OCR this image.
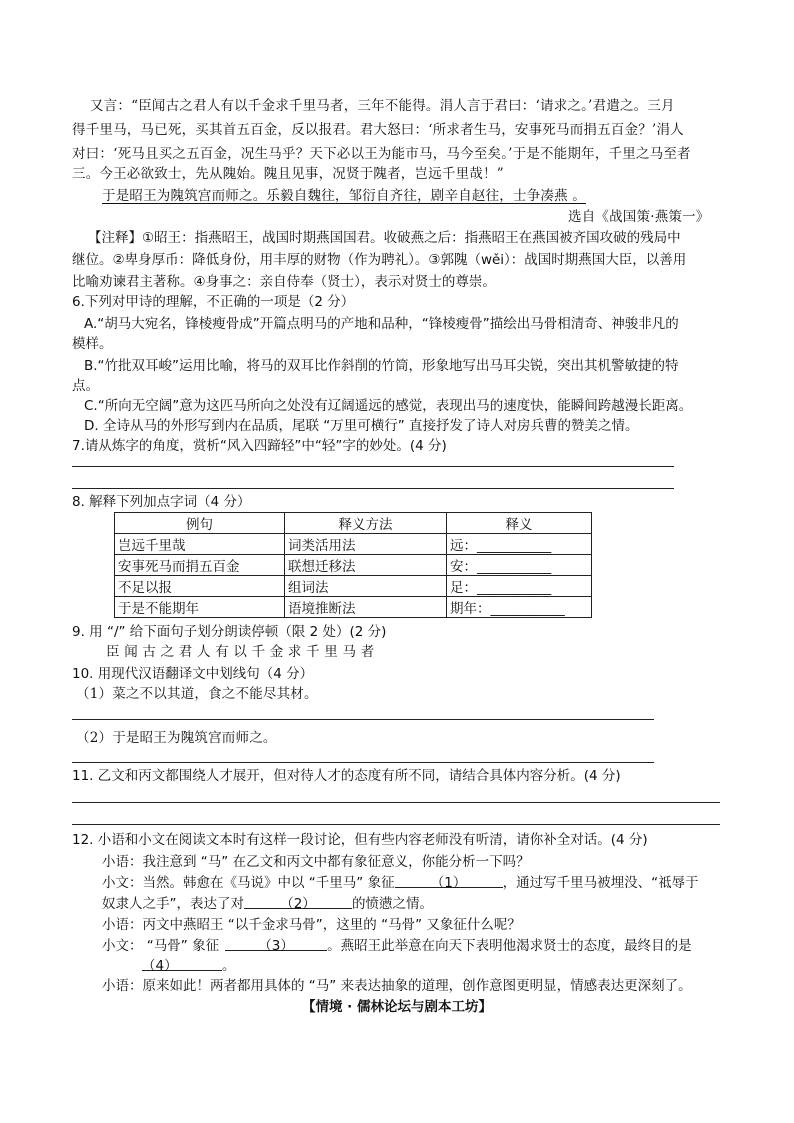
又言：“臣闻古之君人有以千金求千里马者，三年不能得。涓人言于君曰：‘请求之。’君遣之。三月
得千里马，马已死，买其首五百金，反以报君。君大怒曰：‘所求者生马，安事死马而捐五百金？’涓人
对曰：‘死马且买之五百金，况生马乎？天下必以王为能市马，马今至矣。’于是不能期年，千里之马至者
三。今王必欲致士，先从隗始。隗且见事，况贤于隗者，岂远千里哉！”
于是昭王为隗筑宫而师之。乐毅自魏往，邹衍自齐往，剧辛自赵往，士争凑燕 。
选自《战国策·燕策一》
【注释】①昭王：指燕昭王，战国时期燕国国君。收破燕之后：指燕昭王在燕国被齐国攻破的残局中
继位。②卑身厚币：降低身份，用丰厚的财物（作为聘礼）。③郭隗（wěi）：战国时期燕国大臣，以善用
比喻劝谏君主著称。④身事之：亲自侍奉（贤士），表示对贤士的尊崇。
6.下列对甲诗的理解，不正确的一项是（2 分）
A.“胡马大宛名，锋棱瘦骨成”开篇点明马的产地和品种，“锋棱瘦骨”描绘出马骨相清奇、神骏非凡的
模样。
B.“竹批双耳峻”运用比喻，将马的双耳比作斜削的竹筒，形象地写出马耳尖锐，突出其机警敏捷的特
点。
C.“所向无空阔”意为这匹马所向之处没有辽阔遥远的感觉，表现出马的速度快，能瞬间跨越漫长距离。
D. 全诗从马的外形写到内在品质，尾联 “万里可横行” 直接抒发了诗人对房兵曹的赞美之情。
7.请从炼字的角度，赏析“风入四蹄轻”中“轻”字的妙处。(4 分)
8. 解释下列加点字词（4 分）
例句	释义方法	释义
岂远千里哉	词类活用法	远：___________
安事死马而捐五百金	联想迁移法	安：___________
不足以报	组词法	足：___________
于是不能期年	语境推断法	期年：___________
9. 用 “/” 给下面句子划分朗读停顿（限 2 处）(2 分)
臣 闻 古 之 君 人 有 以 千 金 求 千 里 马 者
10. 用现代汉语翻译文中划线句（4 分）
（1）菜之不以其道，食之不能尽其材。
（2）于是昭王为隗筑宫而师之。
11. 乙文和丙文都围绕人才展开，但对待人才的态度有所不同，请结合具体内容分析。(4 分)
12. 小语和小文在阅读文本时有这样一段讨论，但有些内容老师没有听清，请你补全对话。(4 分)
小语：我注意到 “马” 在乙文和丙文中都有象征意义，你能分析一下吗？
小文：当然。韩愈在《马说》中以 “千里马” 象征	（1）	，通过写千里马被埋没、“祗辱于
奴隶人之手”，表达了对	（2）	的愤懑之情。
小语：丙文中燕昭王 “以千金求马骨”，这里的 “马骨” 又象征什么呢？
小文： “马骨” 象征	（3） 。燕昭王此举意在向天下表明他渴求贤士的态度，最终目的是
（4）	。
小语：原来如此！两者都用具体的 “马” 来表达抽象的道理，创作意图更明显，情感表达更深刻了。
【情境 · 儒林论坛与剧本工坊】
